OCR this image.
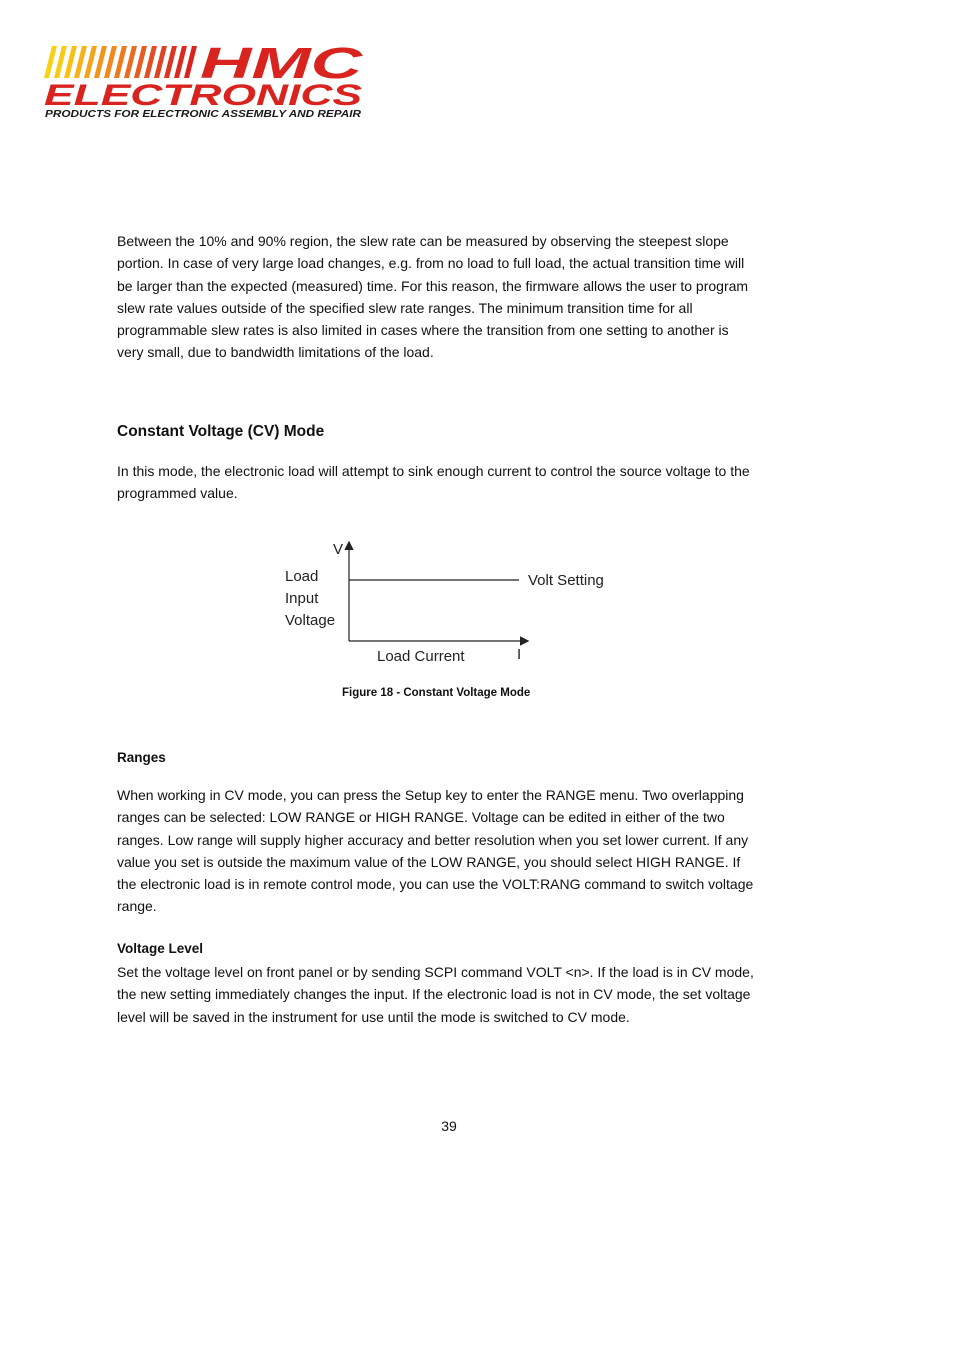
HMC
ELECTRONICS
PRODUCTS FOR ELECTRONIC ASSEMBLY AND REPAIR

Between the 10% and 90% region, the slew rate can be measured by observing the steepest slope portion. In case of very large load changes, e.g. from no load to full load, the actual transition time will be larger than the expected (measured) time. For this reason, the firmware allows the user to program slew rate values outside of the specified slew rate ranges. The minimum transition time for all programmable slew rates is also limited in cases where the transition from one setting to another is very small, due to bandwidth limitations of the load.

Constant Voltage (CV) Mode

In this mode, the electronic load will attempt to sink enough current to control the source voltage to the programmed value.

V
Load
Input
Voltage
Volt Setting
Load Current	I

Figure 18 - Constant Voltage Mode

Ranges

When working in CV mode, you can press the Setup key to enter the RANGE menu. Two overlapping ranges can be selected: LOW RANGE or HIGH RANGE. Voltage can be edited in either of the two ranges. Low range will supply higher accuracy and better resolution when you set lower current. If any value you set is outside the maximum value of the LOW RANGE, you should select HIGH RANGE. If the electronic load is in remote control mode, you can use the VOLT:RANG command to switch voltage range.

Voltage Level

Set the voltage level on front panel or by sending SCPI command VOLT <n>. If the load is in CV mode, the new setting immediately changes the input. If the electronic load is not in CV mode, the set voltage level will be saved in the instrument for use until the mode is switched to CV mode.

39
